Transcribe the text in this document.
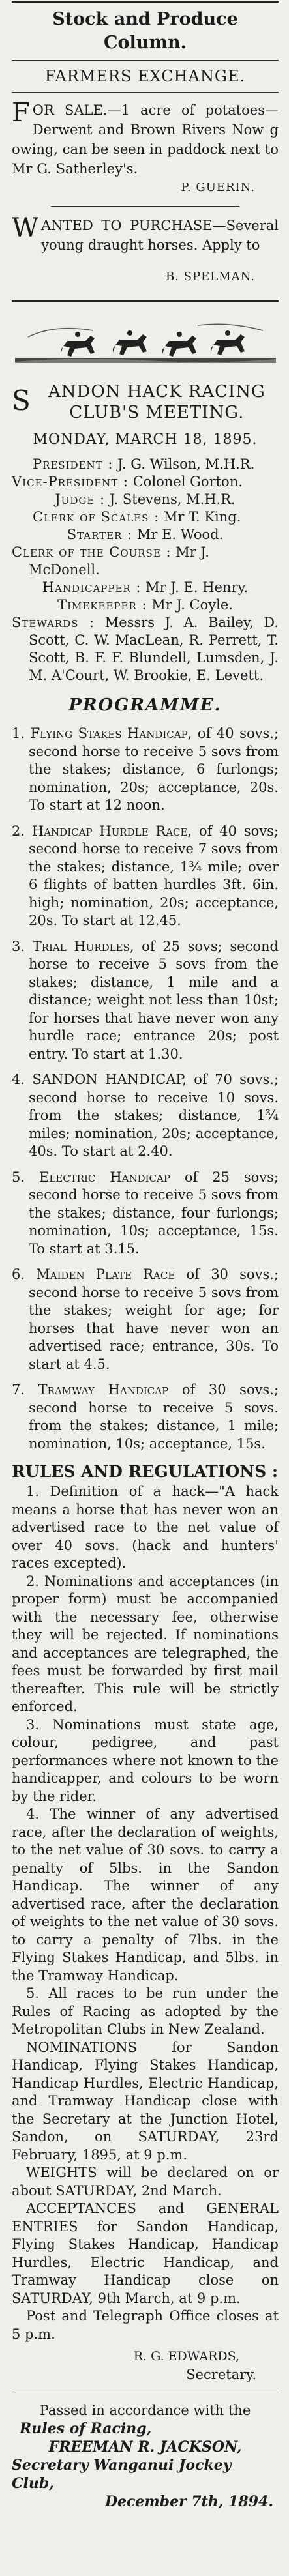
Stock and Produce Column.
FARMERS EXCHANGE.

FOR SALE.—1 acre of potatoes—Derwent and Brown Rivers Now g owing, can be seen in paddock next to Mr G. Satherley's.

P. GUERIN.

WANTED TO PURCHASE—Several young draught horses. Apply to

B. SPELMAN.
S	ANDON HACK RACING
CLUB'S MEETING.
MONDAY, MARCH 18, 1895.

President : J. G. Wilson, M.H.R.

Vice-President : Colonel Gorton.

Judge : J. Stevens, M.H.R.

Clerk of Scales : Mr T. King.

Starter : Mr E. Wood.

Clerk of the Course : Mr J. McDonell.

Handicapper : Mr J. E. Henry.

Timekeeper : Mr J. Coyle.

Stewards : Messrs J. A. Bailey, D. Scott, C. W. MacLean, R. Perrett, T. Scott, B. F. F. Blundell, Lumsden, J. M. A'Court, W. Brookie, E. Levett.

PROGRAMME.

1. Flying Stakes Handicap, of 40 sovs.; second horse to receive 5 sovs from the stakes; distance, 6 furlongs; nomination, 20s; acceptance, 20s. To start at 12 noon.

2. Handicap Hurdle Race, of 40 sovs; second horse to receive 7 sovs from the stakes; distance, 1¾ mile; over 6 flights of batten hurdles 3ft. 6in. high; nomination, 20s; acceptance, 20s. To start at 12.45.

3. Trial Hurdles, of 25 sovs; second horse to receive 5 sovs from the stakes; distance, 1 mile and a distance; weight not less than 10st; for horses that have never won any hurdle race; entrance 20s; post entry. To start at 1.30.

4. SANDON HANDICAP, of 70 sovs.; second horse to receive 10 sovs. from the stakes; distance, 1¾ miles; nomination, 20s; acceptance, 40s. To start at 2.40.

5. Electric Handicap of 25 sovs; second horse to receive 5 sovs from the stakes; distance, four furlongs; nomination, 10s; acceptance, 15s. To start at 3.15.

6. Maiden Plate Race of 30 sovs.; second horse to receive 5 sovs from the stakes; weight for age; for horses that have never won an advertised race; entrance, 30s. To start at 4.5.

7. Tramway Handicap of 30 sovs.; second horse to receive 5 sovs. from the stakes; distance, 1 mile; nomination, 10s; acceptance, 15s.

RULES AND REGULATIONS :

1. Definition of a hack—"A hack means a horse that has never won an advertised race to the net value of over 40 sovs. (hack and hunters' races excepted).

2. Nominations and acceptances (in proper form) must be accompanied with the necessary fee, otherwise they will be rejected. If nominations and acceptances are telegraphed, the fees must be forwarded by first mail thereafter. This rule will be strictly enforced.

3. Nominations must state age, colour, pedigree, and past performances where not known to the handicapper, and colours to be worn by the rider.

4. The winner of any advertised race, after the declaration of weights, to the net value of 30 sovs. to carry a penalty of 5lbs. in the Sandon Handicap. The winner of any advertised race, after the declaration of weights to the net value of 30 sovs. to carry a penalty of 7lbs. in the Flying Stakes Handicap, and 5lbs. in the Tramway Handicap.

5. All races to be run under the Rules of Racing as adopted by the Metropolitan Clubs in New Zealand.

NOMINATIONS for Sandon Handicap, Flying Stakes Handicap, Handicap Hurdles, Electric Handicap, and Tramway Handicap close with the Secretary at the Junction Hotel, Sandon, on SATURDAY, 23rd February, 1895, at 9 p.m.

WEIGHTS will be declared on or about SATURDAY, 2nd March.

ACCEPTANCES and GENERAL ENTRIES for Sandon Handicap, Flying Stakes Handicap, Handicap Hurdles, Electric Handicap, and Tramway Handicap close on SATURDAY, 9th March, at 9 p.m.

Post and Telegraph Office closes at 5 p.m.

R. G. EDWARDS,
Secretary.
Passed in accordance with the
Rules of Racing,
FREEMAN R. JACKSON,
Secretary Wanganui Jockey Club,
December 7th, 1894.
